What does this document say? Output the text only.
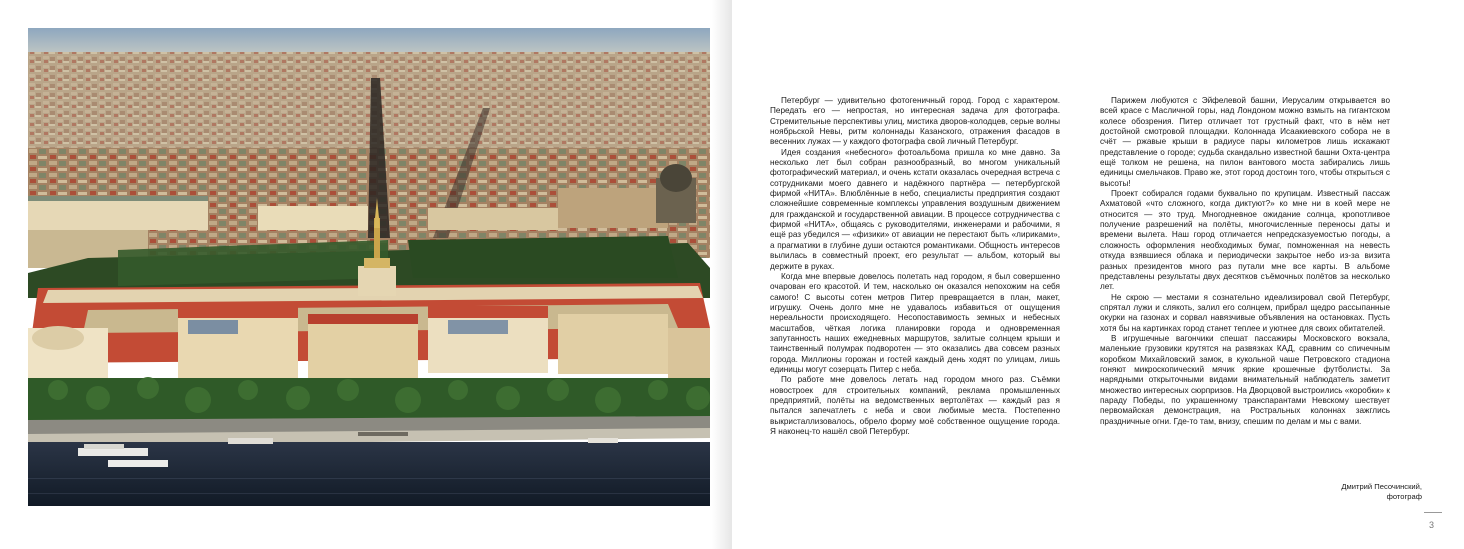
Петербург — удивительно фотогеничный город. Город с характером. Передать его — непростая, но интересная задача для фотографа. Стремительные перспективы улиц, мистика дворов-колодцев, серые волны ноябрьской Невы, ритм колоннады Казанского, отражения фасадов в весенних лужах — у каждого фотографа свой личный Петербург.

Идея создания «небесного» фотоальбома пришла ко мне давно. За несколько лет был собран разнообразный, во многом уникальный фотографический материал, и очень кстати оказалась очередная встреча с сотрудниками моего давнего и надёжного партнёра — петербургской фирмой «НИТА». Влюблённые в небо, специалисты предприятия создают сложнейшие современные комплексы управления воздушным движением для гражданской и государственной авиации. В процессе сотрудничества с фирмой «НИТА», общаясь с руководителями, инженерами и рабочими, я ещё раз убедился — «физики» от авиации не перестают быть «лириками», а прагматики в глубине души остаются романтиками. Общность интересов вылилась в совместный проект, его результат — альбом, который вы держите в руках.

Когда мне впервые довелось полетать над городом, я был совершенно очарован его красотой. И тем, насколько он оказался непохожим на себя самого! С высоты сотен метров Питер превращается в план, макет, игрушку. Очень долго мне не удавалось избавиться от ощущения нереальности происходящего. Несопоставимость земных и небесных масштабов, чёткая логика планировки города и одновременная запутанность наших ежедневных маршрутов, залитые солнцем крыши и таинственный полумрак подворотен — это оказались два совсем разных города. Миллионы горожан и гостей каждый день ходят по улицам, лишь единицы могут созерцать Питер с неба.

По работе мне довелось летать над городом много раз. Съёмки новостроек для строительных компаний, реклама промышленных предприятий, полёты на ведомственных вертолётах — каждый раз я пытался запечатлеть с неба и свои любимые места. Постепенно выкристаллизовалось, обрело форму моё собственное ощущение города. Я наконец-то нашёл свой Петербург.

Парижем любуются с Эйфелевой башни, Иерусалим открывается во всей красе с Масличной горы, над Лондоном можно взмыть на гигантском колесе обозрения. Питер отличает тот грустный факт, что в нём нет достойной смотровой площадки. Колоннада Исаакиевского собора не в счёт — ржавые крыши в радиусе пары километров лишь искажают представление о городе; судьба скандально известной башни Охта-центра ещё толком не решена, на пилон вантового моста забирались лишь единицы смельчаков. Право же, этот город достоин того, чтобы открыться с высоты!

Проект собирался годами буквально по крупицам. Известный пассаж Ахматовой «что сложного, когда диктуют?» ко мне ни в коей мере не относится — это труд. Многодневное ожидание солнца, кропотливое получение разрешений на полёты, многочисленные переносы даты и времени вылета. Наш город отличается непредсказуемостью погоды, а сложность оформления необходимых бумаг, помноженная на невесть откуда взявшиеся облака и периодически закрытое небо из-за визита разных президентов много раз путали мне все карты. В альбоме представлены результаты двух десятков съёмочных полётов за несколько лет.

Не скрою — местами я сознательно идеализировал свой Петербург, спрятал лужи и слякоть, залил его солнцем, прибрал щедро рассыпанные окурки на газонах и сорвал навязчивые объявления на остановках. Пусть хотя бы на картинках город станет теплее и уютнее для своих обитателей.

В игрушечные вагончики спешат пассажиры Московского вокзала, маленькие грузовики крутятся на развязках КАД, сравним со спичечным коробком Михайловский замок, в кукольной чаше Петровского стадиона гоняют микроскопический мячик яркие крошечные футболисты. За нарядными открыточными видами внимательный наблюдатель заметит множество интересных сюрпризов. На Дворцовой выстроились «коробки» к параду Победы, по украшенному транспарантами Невскому шествует первомайская демонстрация, на Ростральных колоннах зажглись праздничные огни. Где-то там, внизу, спешим по делам и мы с вами.

Дмитрий Песочинский,
фотограф
3
